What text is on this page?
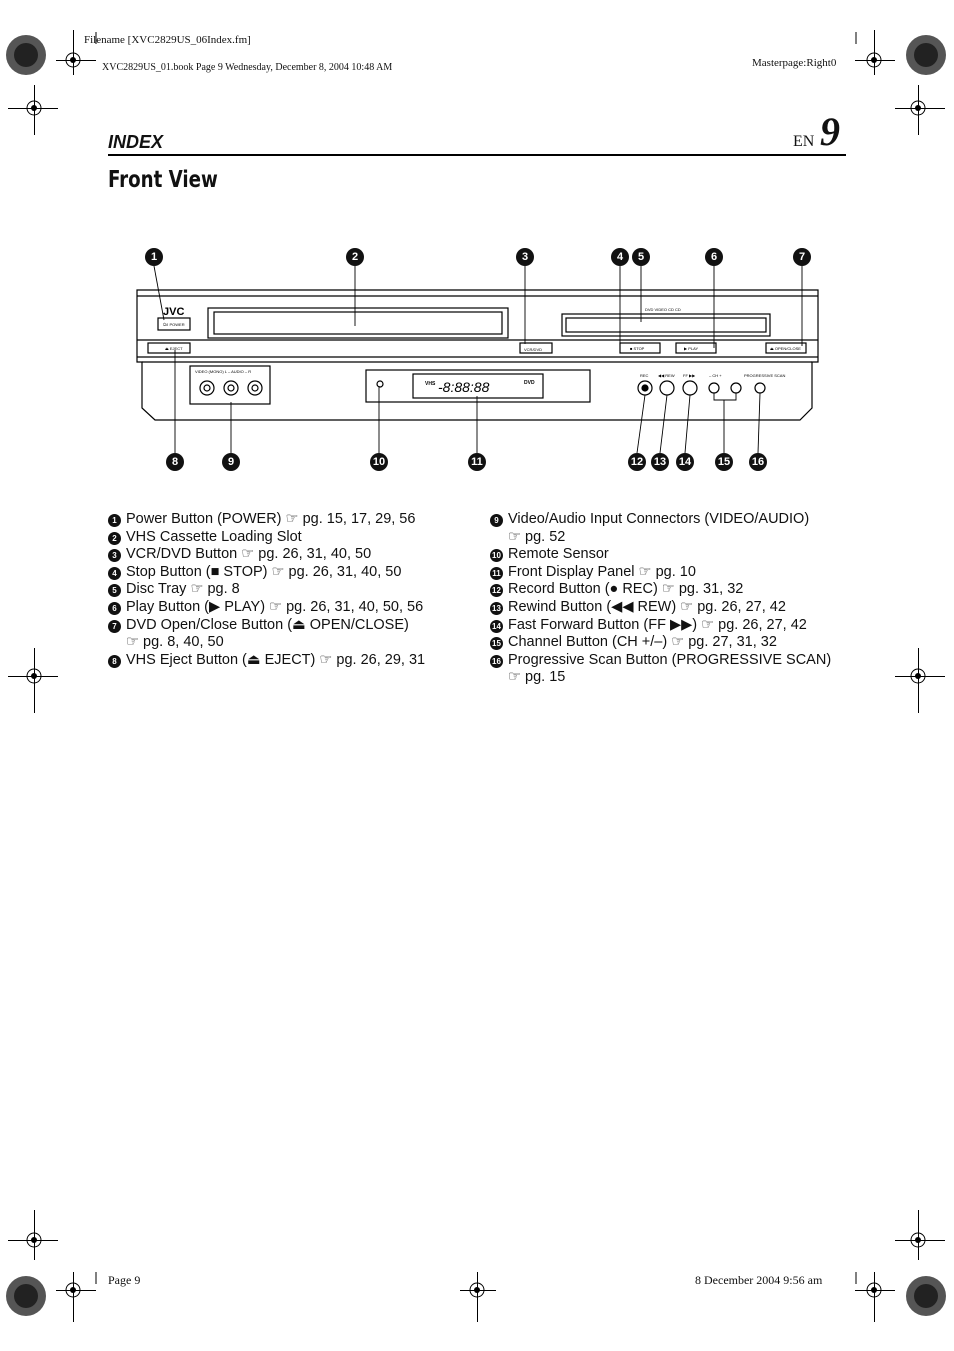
Filename [XVC2829US_06Index.fm]
XVC2829US_01.book Page 9 Wednesday, December 8, 2004 10:48 AM	Masterpage:Right0
INDEX	EN 9
Front View
1	2	3	4	5	6	7
8	9	10	11	12 13 14 15 16
JVC
⏻/I POWER
VCR/DVD
DVD VIDEO CD CD
■ STOP	▶ PLAY	⏏ OPEN/CLOSE
⏏ EJECT
VIDEO (MONO) L – AUDIO – R
-8:88:88
VHS	DVD
REC ◀◀ REW FF ▶▶	– CH +	PROGRESSIVE SCAN
1 Power Button (POWER) ☞ pg. 15, 17, 29, 56
2 VHS Cassette Loading Slot
3 VCR/DVD Button ☞ pg. 26, 31, 40, 50
4 Stop Button (■ STOP) ☞ pg. 26, 31, 40, 50
5 Disc Tray ☞ pg. 8
6 Play Button (▶ PLAY) ☞ pg. 26, 31, 40, 50, 56
7 DVD Open/Close Button (⏏ OPEN/CLOSE)
☞ pg. 8, 40, 50
8 VHS Eject Button (⏏ EJECT) ☞ pg. 26, 29, 31
9 Video/Audio Input Connectors (VIDEO/AUDIO)
☞ pg. 52
10 Remote Sensor
11 Front Display Panel ☞ pg. 10
12 Record Button (● REC) ☞ pg. 31, 32
13 Rewind Button (◀◀ REW) ☞ pg. 26, 27, 42
14 Fast Forward Button (FF ▶▶) ☞ pg. 26, 27, 42
15 Channel Button (CH +/–) ☞ pg. 27, 31, 32
16 Progressive Scan Button (PROGRESSIVE SCAN)
☞ pg. 15
Page 9	8 December 2004 9:56 am
